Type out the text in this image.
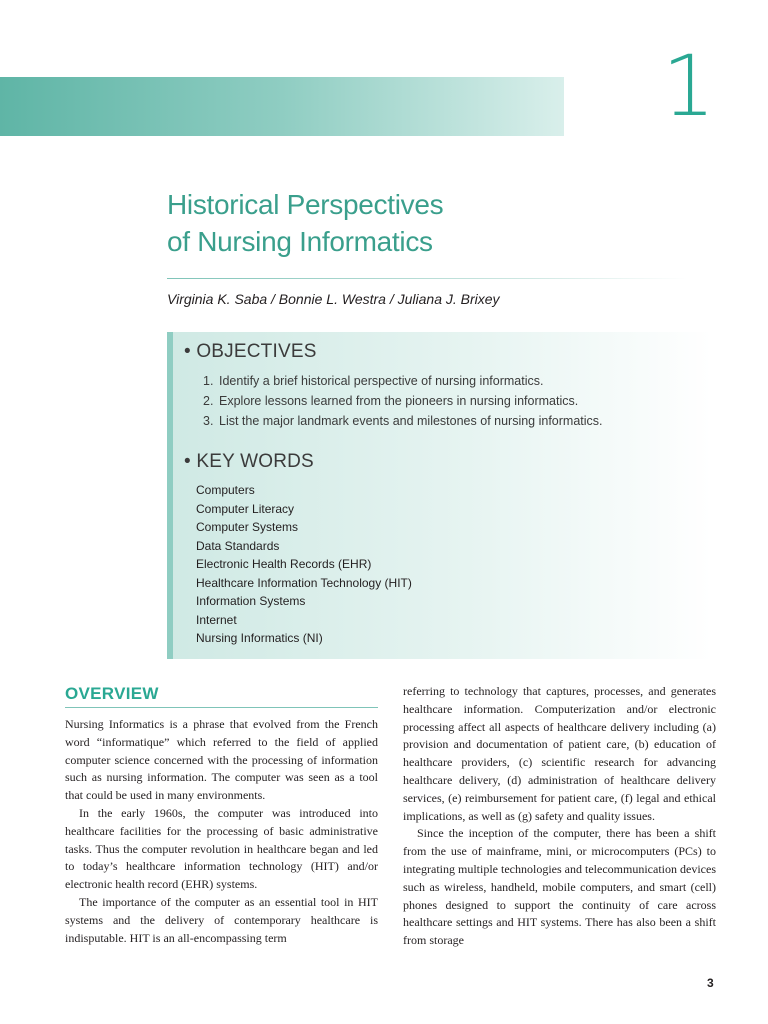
1
Historical Perspectives
of Nursing Informatics
Virginia K. Saba / Bonnie L. Westra / Juliana J. Brixey
• OBJECTIVES
1. Identify a brief historical perspective of nursing informatics.
2. Explore lessons learned from the pioneers in nursing informatics.
3. List the major landmark events and milestones of nursing informatics.
• KEY WORDS
Computers
Computer Literacy
Computer Systems
Data Standards
Electronic Health Records (EHR)
Healthcare Information Technology (HIT)
Information Systems
Internet
Nursing Informatics (NI)
OVERVIEW

Nursing Informatics is a phrase that evolved from the French word “informatique” which referred to the field of applied computer science concerned with the processing of information such as nursing information. The computer was seen as a tool that could be used in many environments.

In the early 1960s, the computer was introduced into healthcare facilities for the processing of basic administrative tasks. Thus the computer revolution in healthcare began and led to today’s healthcare information technology (HIT) and/or electronic health record (EHR) systems.

The importance of the computer as an essential tool in HIT systems and the delivery of contemporary healthcare is indisputable. HIT is an all-encompassing term

referring to technology that captures, processes, and generates healthcare information. Computerization and/or electronic processing affect all aspects of healthcare delivery including (a) provision and documentation of patient care, (b) education of healthcare providers, (c) scientific research for advancing healthcare delivery, (d) administration of healthcare delivery services, (e) reimbursement for patient care, (f) legal and ethical implications, as well as (g) safety and quality issues.

Since the inception of the computer, there has been a shift from the use of mainframe, mini, or microcomputers (PCs) to integrating multiple technologies and telecommunication devices such as wireless, handheld, mobile computers, and smart (cell) phones designed to support the continuity of care across healthcare settings and HIT systems. There has also been a shift from storage

3
